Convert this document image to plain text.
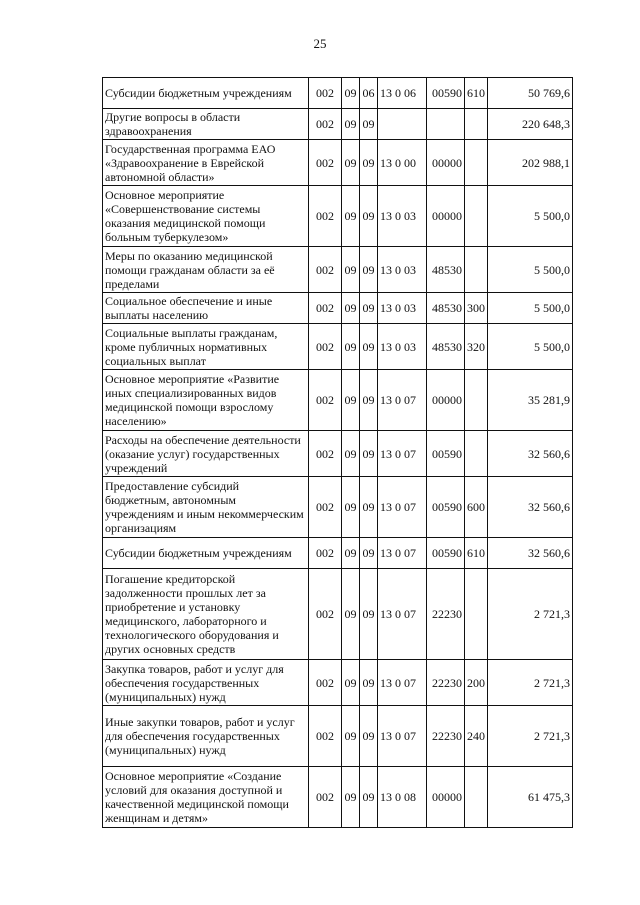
25
Субсидии бюджетным учреждениям	002	09	06	13 0 06	00590	610	50 769,6
Другие вопросы в области здравоохранения	002	09	09				220 648,3
Государственная программа ЕАО «Здравоохранение в Еврейской автономной области»	002	09	09	13 0 00	00000		202 988,1
Основное мероприятие «Совершенствование системы оказания медицинской помощи больным туберкулезом»	002	09	09	13 0 03	00000		5 500,0
Меры по оказанию медицинской помощи гражданам области за её пределами	002	09	09	13 0 03	48530		5 500,0
Социальное обеспечение и иные выплаты населению	002	09	09	13 0 03	48530	300	5 500,0
Социальные выплаты гражданам, кроме публичных нормативных социальных выплат	002	09	09	13 0 03	48530	320	5 500,0
Основное мероприятие «Развитие иных специализированных видов медицинской помощи взрослому населению»	002	09	09	13 0 07	00000		35 281,9
Расходы на обеспечение деятельности (оказание услуг) государственных учреждений	002	09	09	13 0 07	00590		32 560,6
Предоставление субсидий бюджетным, автономным учреждениям и иным некоммерческим организациям	002	09	09	13 0 07	00590	600	32 560,6
Субсидии бюджетным учреждениям	002	09	09	13 0 07	00590	610	32 560,6
Погашение кредиторской задолженности прошлых лет за приобретение и установку медицинского, лабораторного и технологического оборудования и других основных средств	002	09	09	13 0 07	22230		2 721,3
Закупка товаров, работ и услуг для обеспечения государственных (муниципальных) нужд	002	09	09	13 0 07	22230	200	2 721,3
Иные закупки товаров, работ и услуг для обеспечения государственных (муниципальных) нужд	002	09	09	13 0 07	22230	240	2 721,3
Основное мероприятие «Создание условий для оказания доступной и качественной медицинской помощи женщинам и детям»	002	09	09	13 0 08	00000		61 475,3
